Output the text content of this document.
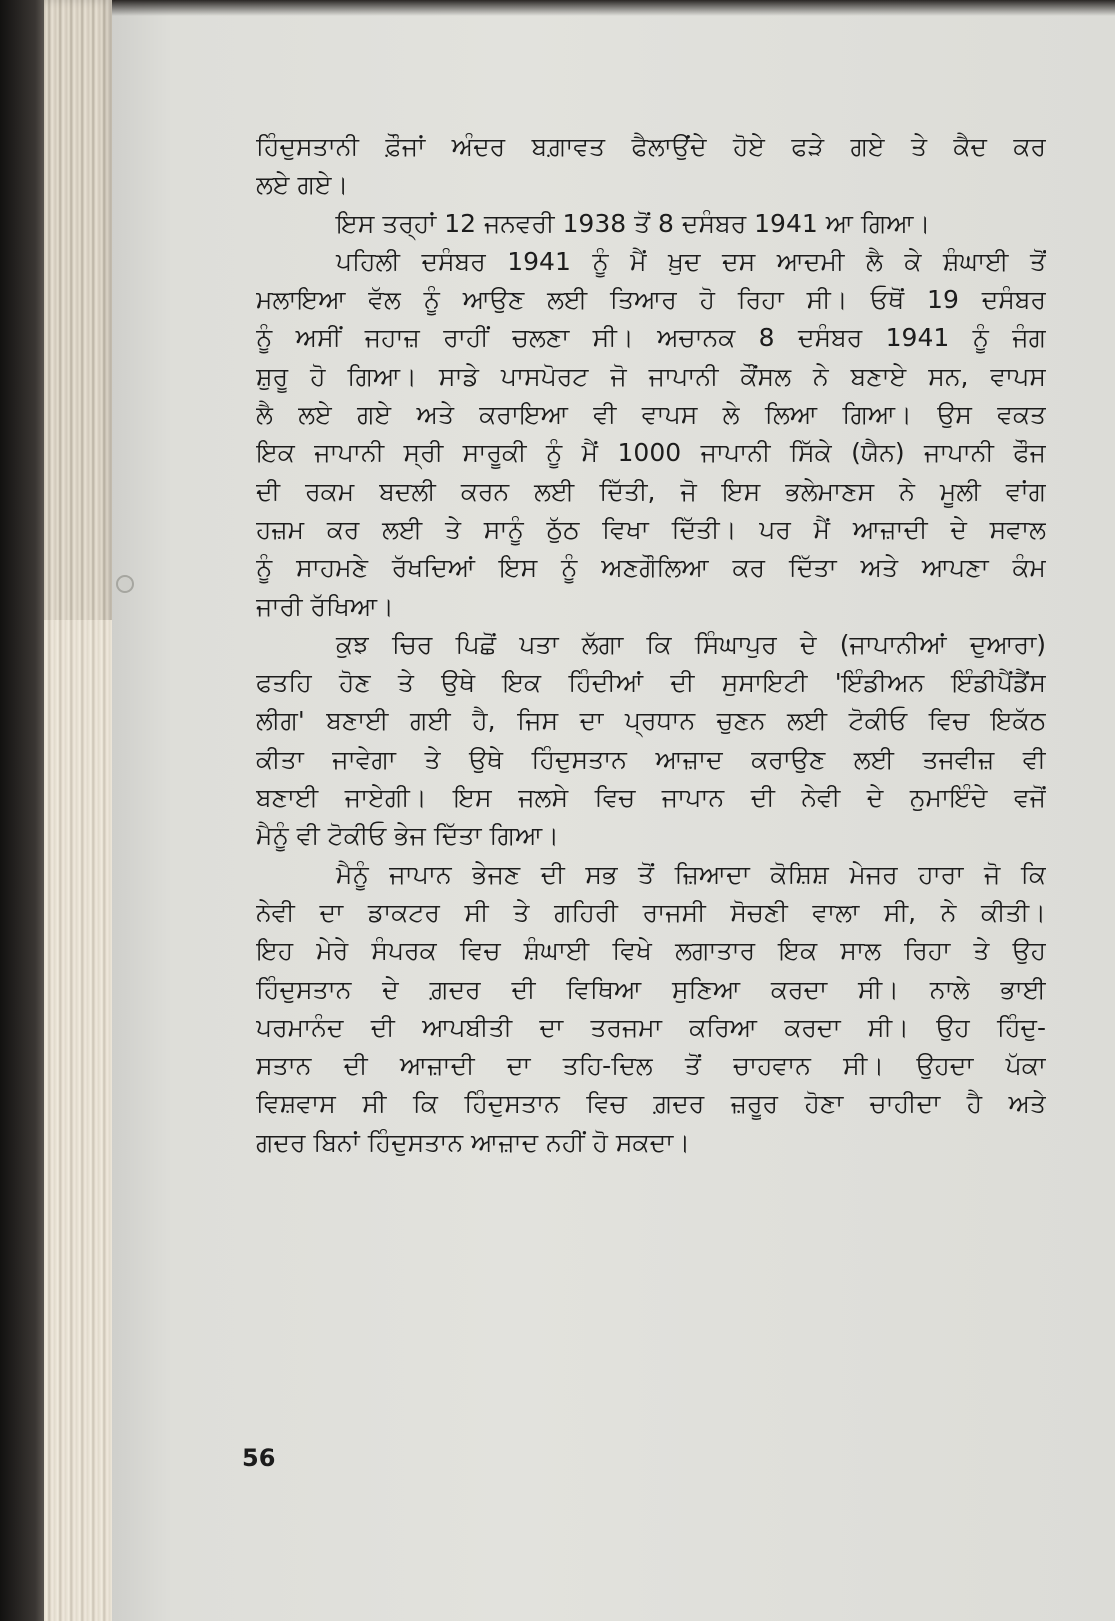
ਹਿੰਦੁਸਤਾਨੀ ਫ਼ੌਜਾਂ ਅੰਦਰ ਬਗ਼ਾਵਤ ਫੈਲਾਉਂਦੇ ਹੋਏ ਫੜੇ ਗਏ ਤੇ ਕੈਦ ਕਰ
ਲਏ ਗਏ।
ਇਸ ਤਰ੍ਹਾਂ 12 ਜਨਵਰੀ 1938 ਤੋਂ 8 ਦਸੰਬਰ 1941 ਆ ਗਿਆ।
ਪਹਿਲੀ ਦਸੰਬਰ 1941 ਨੂੰ ਮੈਂ ਖ਼ੁਦ ਦਸ ਆਦਮੀ ਲੈ ਕੇ ਸ਼ੰਘਾਈ ਤੋਂ
ਮਲਾਇਆ ਵੱਲ ਨੂੰ ਆਉਣ ਲਈ ਤਿਆਰ ਹੋ ਰਿਹਾ ਸੀ। ਓਥੋਂ 19 ਦਸੰਬਰ
ਨੂੰ ਅਸੀਂ ਜਹਾਜ਼ ਰਾਹੀਂ ਚਲਣਾ ਸੀ। ਅਚਾਨਕ 8 ਦਸੰਬਰ 1941 ਨੂੰ ਜੰਗ
ਸ਼ੁਰੂ ਹੋ ਗਿਆ। ਸਾਡੇ ਪਾਸਪੋਰਟ ਜੋ ਜਾਪਾਨੀ ਕੌਂਸਲ ਨੇ ਬਣਾਏ ਸਨ, ਵਾਪਸ
ਲੈ ਲਏ ਗਏ ਅਤੇ ਕਰਾਇਆ ਵੀ ਵਾਪਸ ਲੇ ਲਿਆ ਗਿਆ। ਉਸ ਵਕਤ
ਇਕ ਜਾਪਾਨੀ ਸ੍ਰੀ ਸਾਰੂਕੀ ਨੂੰ ਮੈਂ 1000 ਜਾਪਾਨੀ ਸਿੱਕੇ (ਯੈਨ) ਜਾਪਾਨੀ ਫੌਜ
ਦੀ ਰਕਮ ਬਦਲੀ ਕਰਨ ਲਈ ਦਿੱਤੀ, ਜੋ ਇਸ ਭਲੇਮਾਣਸ ਨੇ ਮੂਲੀ ਵਾਂਗ
ਹਜ਼ਮ ਕਰ ਲਈ ਤੇ ਸਾਨੂੰ ਠੁੱਠ ਵਿਖਾ ਦਿੱਤੀ। ਪਰ ਮੈਂ ਆਜ਼ਾਦੀ ਦੇ ਸਵਾਲ
ਨੂੰ ਸਾਹਮਣੇ ਰੱਖਦਿਆਂ ਇਸ ਨੂੰ ਅਣਗੌਲਿਆ ਕਰ ਦਿੱਤਾ ਅਤੇ ਆਪਣਾ ਕੰਮ
ਜਾਰੀ ਰੱਖਿਆ।
ਕੁਝ ਚਿਰ ਪਿਛੋਂ ਪਤਾ ਲੱਗਾ ਕਿ ਸਿੰਘਾਪੁਰ ਦੇ (ਜਾਪਾਨੀਆਂ ਦੁਆਰਾ)
ਫਤਹਿ ਹੋਣ ਤੇ ਉਥੇ ਇਕ ਹਿੰਦੀਆਂ ਦੀ ਸੁਸਾਇਟੀ 'ਇੰਡੀਅਨ ਇੰਡੀਪੈਂਡੈਂਸ
ਲੀਗ' ਬਣਾਈ ਗਈ ਹੈ, ਜਿਸ ਦਾ ਪ੍ਰਧਾਨ ਚੁਣਨ ਲਈ ਟੋਕੀਓ ਵਿਚ ਇਕੱਠ
ਕੀਤਾ ਜਾਵੇਗਾ ਤੇ ਉਥੇ ਹਿੰਦੁਸਤਾਨ ਆਜ਼ਾਦ ਕਰਾਉਣ ਲਈ ਤਜਵੀਜ਼ ਵੀ
ਬਣਾਈ ਜਾਏਗੀ। ਇਸ ਜਲਸੇ ਵਿਚ ਜਾਪਾਨ ਦੀ ਨੇਵੀ ਦੇ ਨੁਮਾਇੰਦੇ ਵਜੋਂ
ਮੈਨੂੰ ਵੀ ਟੋਕੀਓ ਭੇਜ ਦਿੱਤਾ ਗਿਆ।
ਮੈਨੂੰ ਜਾਪਾਨ ਭੇਜਣ ਦੀ ਸਭ ਤੋਂ ਜ਼ਿਆਦਾ ਕੋਸ਼ਿਸ਼ ਮੇਜਰ ਹਾਰਾ ਜੋ ਕਿ
ਨੇਵੀ ਦਾ ਡਾਕਟਰ ਸੀ ਤੇ ਗਹਿਰੀ ਰਾਜਸੀ ਸੋਚਣੀ ਵਾਲਾ ਸੀ, ਨੇ ਕੀਤੀ।
ਇਹ ਮੇਰੇ ਸੰਪਰਕ ਵਿਚ ਸ਼ੰਘਾਈ ਵਿਖੇ ਲਗਾਤਾਰ ਇਕ ਸਾਲ ਰਿਹਾ ਤੇ ਉਹ
ਹਿੰਦੁਸਤਾਨ ਦੇ ਗ਼ਦਰ ਦੀ ਵਿਥਿਆ ਸੁਣਿਆ ਕਰਦਾ ਸੀ। ਨਾਲੇ ਭਾਈ
ਪਰਮਾਨੰਦ ਦੀ ਆਪਬੀਤੀ ਦਾ ਤਰਜਮਾ ਕਰਿਆ ਕਰਦਾ ਸੀ। ਉਹ ਹਿੰਦੁ-
ਸਤਾਨ ਦੀ ਆਜ਼ਾਦੀ ਦਾ ਤਹਿ-ਦਿਲ ਤੋਂ ਚਾਹਵਾਨ ਸੀ। ਉਹਦਾ ਪੱਕਾ
ਵਿਸ਼ਵਾਸ ਸੀ ਕਿ ਹਿੰਦੁਸਤਾਨ ਵਿਚ ਗ਼ਦਰ ਜ਼ਰੂਰ ਹੋਣਾ ਚਾਹੀਦਾ ਹੈ ਅਤੇ
ਗਦਰ ਬਿਨਾਂ ਹਿੰਦੁਸਤਾਨ ਆਜ਼ਾਦ ਨਹੀਂ ਹੋ ਸਕਦਾ।
56
